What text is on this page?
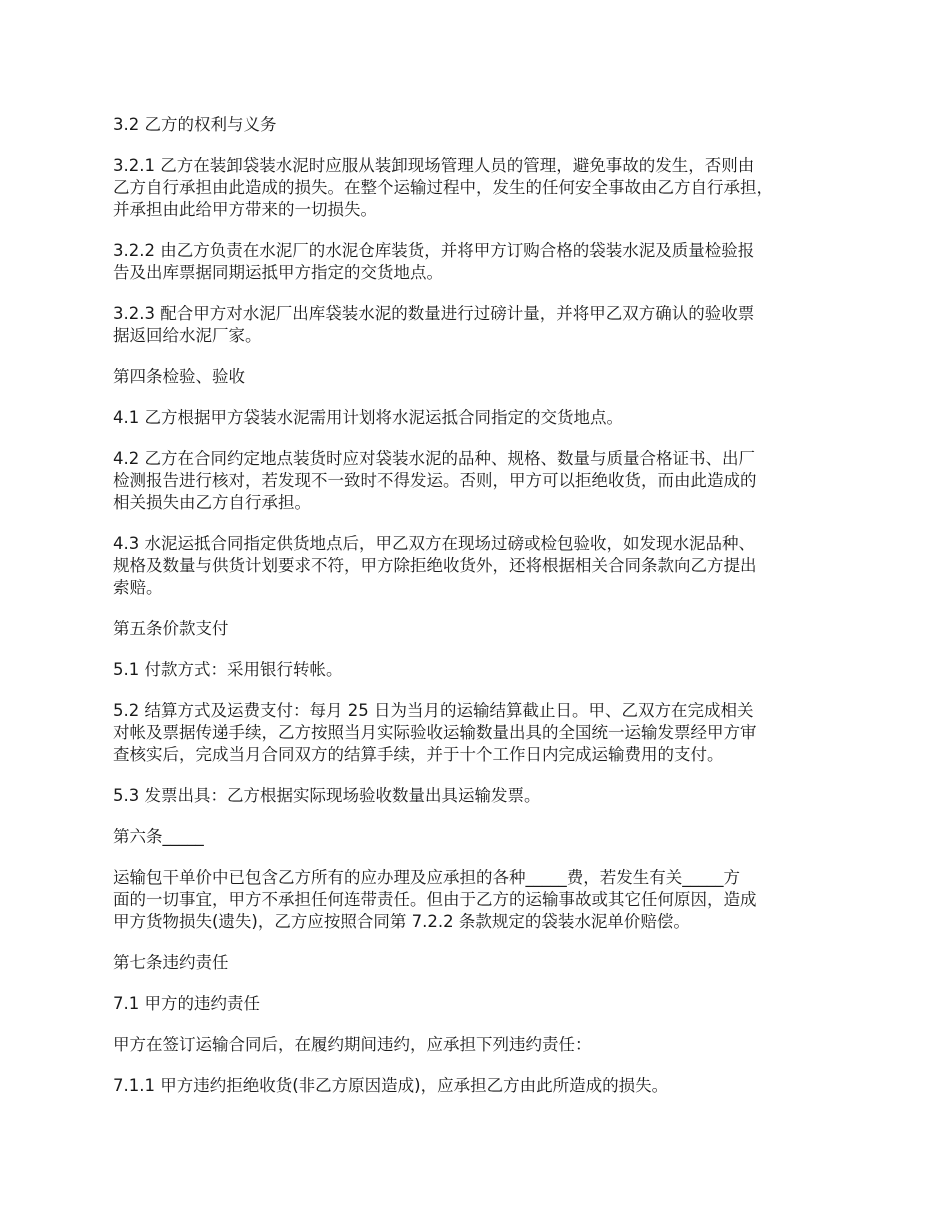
3.2 乙方的权利与义务
3.2.1 乙方在装卸袋装水泥时应服从装卸现场管理人员的管理，避免事故的发生，否则由
乙方自行承担由此造成的损失。在整个运输过程中，发生的任何安全事故由乙方自行承担，
并承担由此给甲方带来的一切损失。
3.2.2 由乙方负责在水泥厂的水泥仓库装货，并将甲方订购合格的袋装水泥及质量检验报
告及出库票据同期运抵甲方指定的交货地点。
3.2.3 配合甲方对水泥厂出库袋装水泥的数量进行过磅计量，并将甲乙双方确认的验收票
据返回给水泥厂家。
第四条检验、验收
4.1 乙方根据甲方袋装水泥需用计划将水泥运抵合同指定的交货地点。
4.2 乙方在合同约定地点装货时应对袋装水泥的品种、规格、数量与质量合格证书、出厂
检测报告进行核对，若发现不一致时不得发运。否则，甲方可以拒绝收货，而由此造成的
相关损失由乙方自行承担。
4.3 水泥运抵合同指定供货地点后，甲乙双方在现场过磅或检包验收，如发现水泥品种、
规格及数量与供货计划要求不符，甲方除拒绝收货外，还将根据相关合同条款向乙方提出
索赔。
第五条价款支付
5.1 付款方式：采用银行转帐。
5.2 结算方式及运费支付：每月 25 日为当月的运输结算截止日。甲、乙双方在完成相关
对帐及票据传递手续，乙方按照当月实际验收运输数量出具的全国统一运输发票经甲方审
查核实后，完成当月合同双方的结算手续，并于十个工作日内完成运输费用的支付。
5.3 发票出具：乙方根据实际现场验收数量出具运输发票。
第六条_____
运输包干单价中已包含乙方所有的应办理及应承担的各种_____费，若发生有关_____方
面的一切事宜，甲方不承担任何连带责任。但由于乙方的运输事故或其它任何原因，造成
甲方货物损失(遗失)，乙方应按照合同第 7.2.2 条款规定的袋装水泥单价赔偿。
第七条违约责任
7.1 甲方的违约责任
甲方在签订运输合同后，在履约期间违约，应承担下列违约责任：
7.1.1 甲方违约拒绝收货(非乙方原因造成)，应承担乙方由此所造成的损失。
